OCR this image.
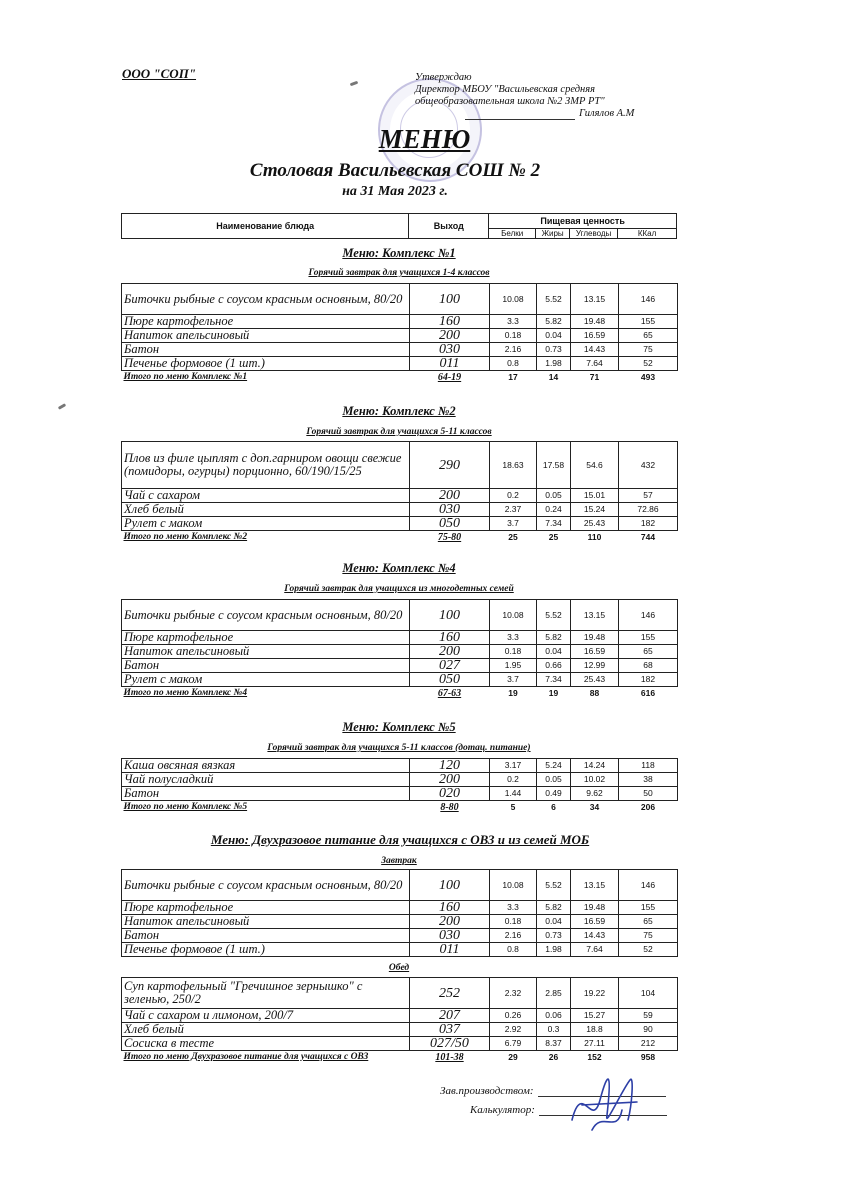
ООО "СОП"	Утверждаю
Директор МБОУ "Васильевская средняя
общеобразовательная школа №2 ЗМР РТ"
Гилялов А.М
МЕНЮ
Столовая Васильевская СОШ № 2
на 31 Мая 2023 г.
Наименование блюда	Выход	Пищевая ценность			
		Белки	Жиры	Углеводы	ККал
Меню: Комплекс №1
Горячий завтрак для учащихся 1-4 классов
Биточки рыбные с соусом красным основным, 80/20	100	10.08	5.52	13.15	146
Пюре картофельное	160	3.3	5.82	19.48	155
Напиток апельсиновый	200	0.18	0.04	16.59	65
Батон	030	2.16	0.73	14.43	75
Печенье формовое (1 шт.)	011	0.8	1.98	7.64	52
Итого по меню Комплекс №1	64-19	17	14	71	493
Меню: Комплекс №2
Горячий завтрак для учащихся 5-11 классов
Плов из филе цыплят с доп.гарниром овощи свежие (помидоры, огурцы) порционно, 60/190/15/25	290	18.63	17.58	54.6	432
Чай с сахаром	200	0.2	0.05	15.01	57
Хлеб белый	030	2.37	0.24	15.24	72.86
Рулет с маком	050	3.7	7.34	25.43	182
Итого по меню Комплекс №2	75-80	25	25	110	744
Меню: Комплекс №4
Горячий завтрак для учащихся из многодетных семей
Биточки рыбные с соусом красным основным, 80/20	100	10.08	5.52	13.15	146
Пюре картофельное	160	3.3	5.82	19.48	155
Напиток апельсиновый	200	0.18	0.04	16.59	65
Батон	027	1.95	0.66	12.99	68
Рулет с маком	050	3.7	7.34	25.43	182
Итого по меню Комплекс №4	67-63	19	19	88	616
Меню: Комплекс №5
Горячий завтрак для учащихся 5-11 классов (дотац. питание)
Каша овсяная вязкая	120	3.17	5.24	14.24	118
Чай полусладкий	200	0.2	0.05	10.02	38
Батон	020	1.44	0.49	9.62	50
Итого по меню Комплекс №5	8-80	5	6	34	206
Меню: Двухразовое питание для учащихся с ОВЗ и из семей МОБ
Завтрак
Биточки рыбные с соусом красным основным, 80/20	100	10.08	5.52	13.15	146
Пюре картофельное	160	3.3	5.82	19.48	155
Напиток апельсиновый	200	0.18	0.04	16.59	65
Батон	030	2.16	0.73	14.43	75
Печенье формовое (1 шт.)	011	0.8	1.98	7.64	52
Обед
Суп картофельный "Гречишное зернышко" с зеленью, 250/2	252	2.32	2.85	19.22	104
Чай с сахаром и лимоном, 200/7	207	0.26	0.06	15.27	59
Хлеб белый	037	2.92	0.3	18.8	90
Сосиска в тесте	027/50	6.79	8.37	27.11	212
Итого по меню Двухразовое питание для учащихся с ОВЗ	101-38	29	26	152	958
Зав.производством:
Калькулятор:
